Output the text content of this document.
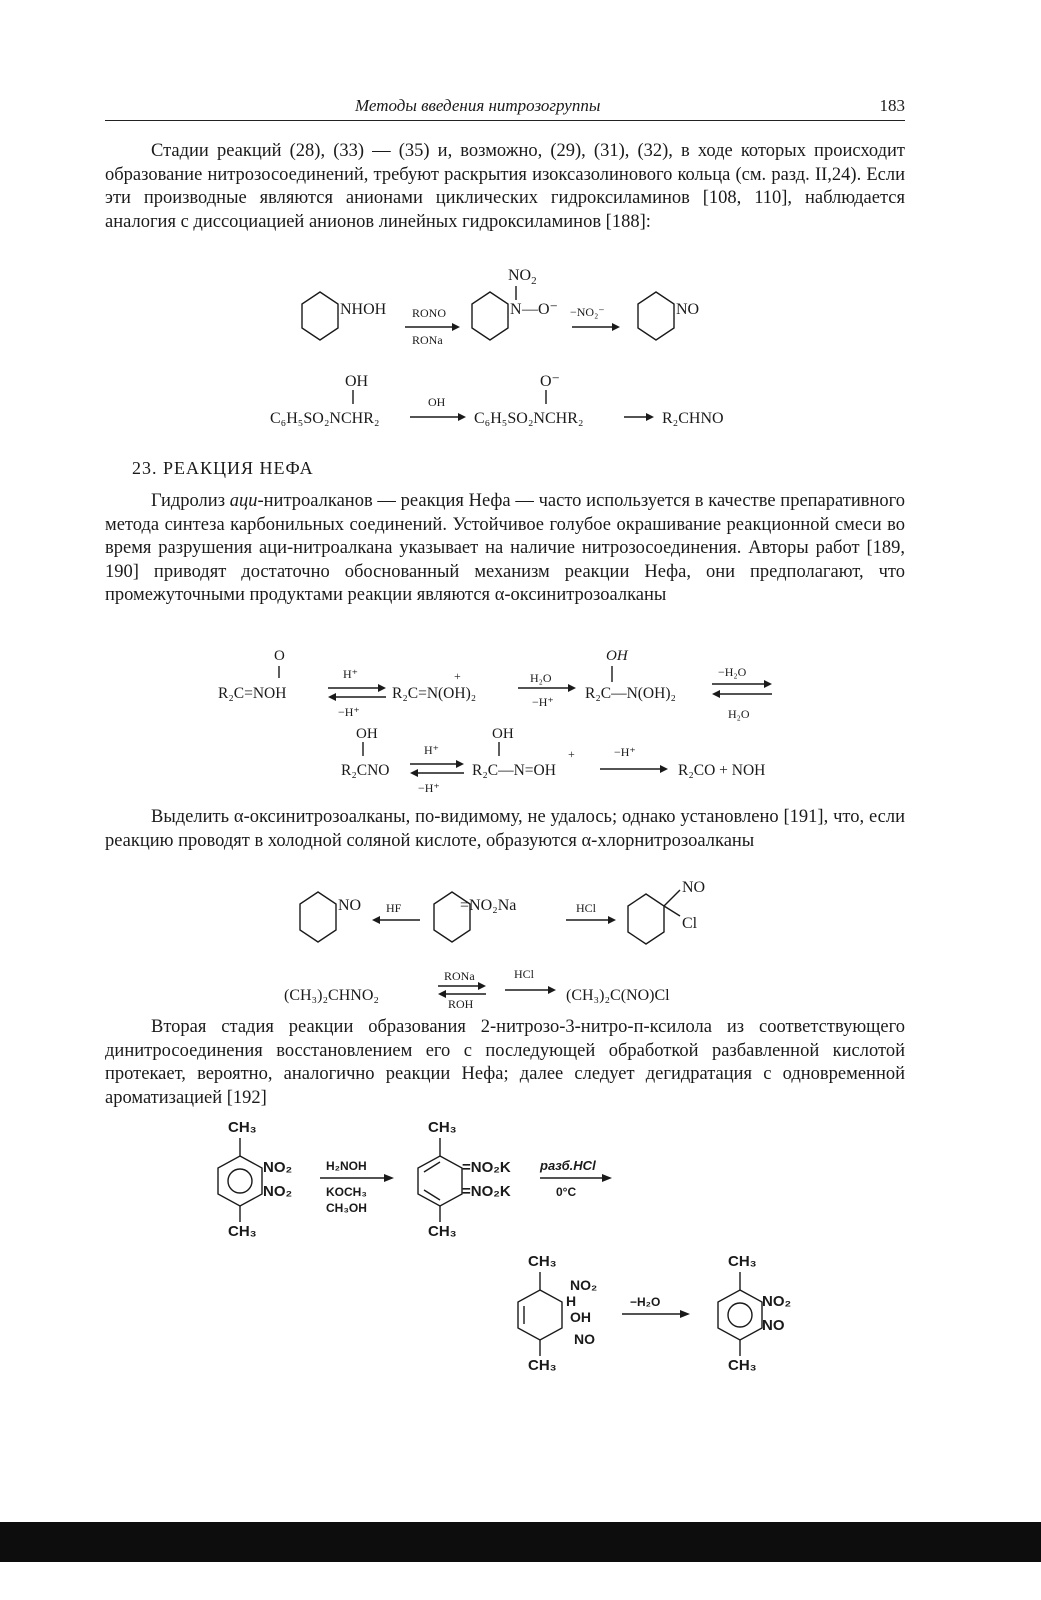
Методы введения нитрозогруппы	183

Стадии реакций (28), (33) — (35) и, возможно, (29), (31), (32), в ходе которых происходит образование нитрозосоединений, требуют раскрытия изоксазолинового кольца (см. разд. II,24). Если эти производные являются анионами циклических гидроксиламинов [108, 110], наблюдается аналогия с диссоциацией анионов линейных гидроксиламинов [188]:

NHOH RONO
RONa
$NO_2$
N —O⁻ −NO₂⁻	NO
OH
C₆H₅SO₂NCHR₂
OH
O⁻
C₆H₅SO₂NCHR₂	R₂CHNO

23. РЕАКЦИЯ НЕФА

Гидролиз аци-нитроалканов — реакция Нефа — часто используется в качестве препаративного метода синтеза карбонильных соединений. Устойчивое голубое окрашивание реакционной смеси во время разрушения аци-нитроалкана указывает на наличие нитрозосоединения. Авторы работ [189, 190] приводят достаточно обоснованный механизм реакции Нефа, они предполагают, что промежуточными продуктами реакции являются α-оксинитрозоалканы

O
R₂C=NOH
H⁺
−H⁺
+
R₂C=N(OH)₂
H₂O
−H⁺
OH
R₂C—N(OH)₂
−H₂O
H₂O
OH
R₂CNO
H⁺
−H⁺
OH
R₂C—N=OH
+	−H⁺
R₂CO + NOH

Выделить α-оксинитрозоалканы, по-видимому, не удалось; однако установлено [191], что, если реакцию проводят в холодной соляной кислоте, образуются α-хлорнитрозоалканы

NO HF	=NO₂Na	HCl
NO
Cl
(CH₃)₂CHNO₂
RONa
ROH
HCl
(CH₃)₂C(NO)Cl

Вторая стадия реакции образования 2-нитрозо-3-нитро-п-ксилола из соответствующего динитросоединения восстановлением его с последующей обработкой разбавленной кислотой протекает, вероятно, аналогично реакции Нефа; далее следует дегидратация с одновременной ароматизацией [192]

CH₃
NO₂
NO₂
CH₃
H₂NOH
KOCH₃
CH₃OH
CH₃
=NO₂K
=NO₂K
CH₃
разб.HCl
0°C
CH₃
NO₂
H
OH
NO
CH₃
−H₂O
CH₃
NO₂
NO
CH₃
